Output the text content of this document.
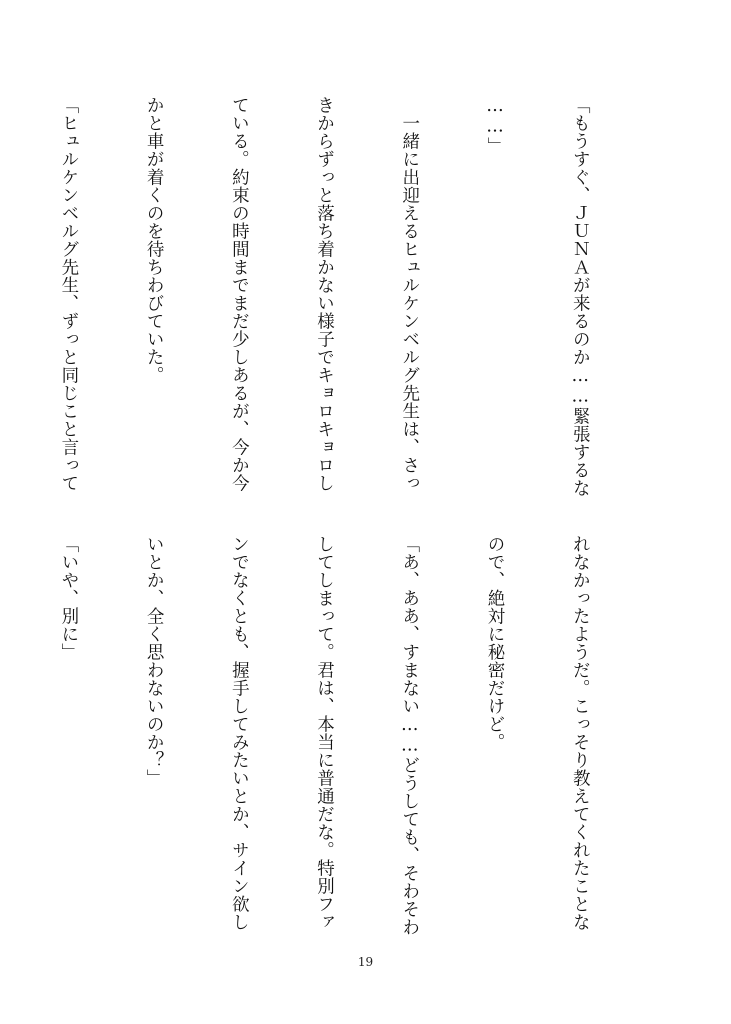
「もうすぐ、ＪＵＮＡが来るのか……緊張するな

……」

　一緒に出迎えるヒュルケンベルグ先生は、さっ

きからずっと落ち着かない様子でキョロキョロし

ている。約束の時間までまだ少しあるが、今か今

かと車が着くのを待ちわびていた。

「ヒュルケンベルグ先生、ずっと同じこと言って

れなかったようだ。こっそり教えてくれたことな

ので、絶対に秘密だけど。

「あ、ああ、すまない……どうしても、そわそわ

してしまって。君は、本当に普通だな。特別ファ

ンでなくとも、握手してみたいとか、サイン欲し

いとか、全く思わないのか？」

「いや、別に」

19
